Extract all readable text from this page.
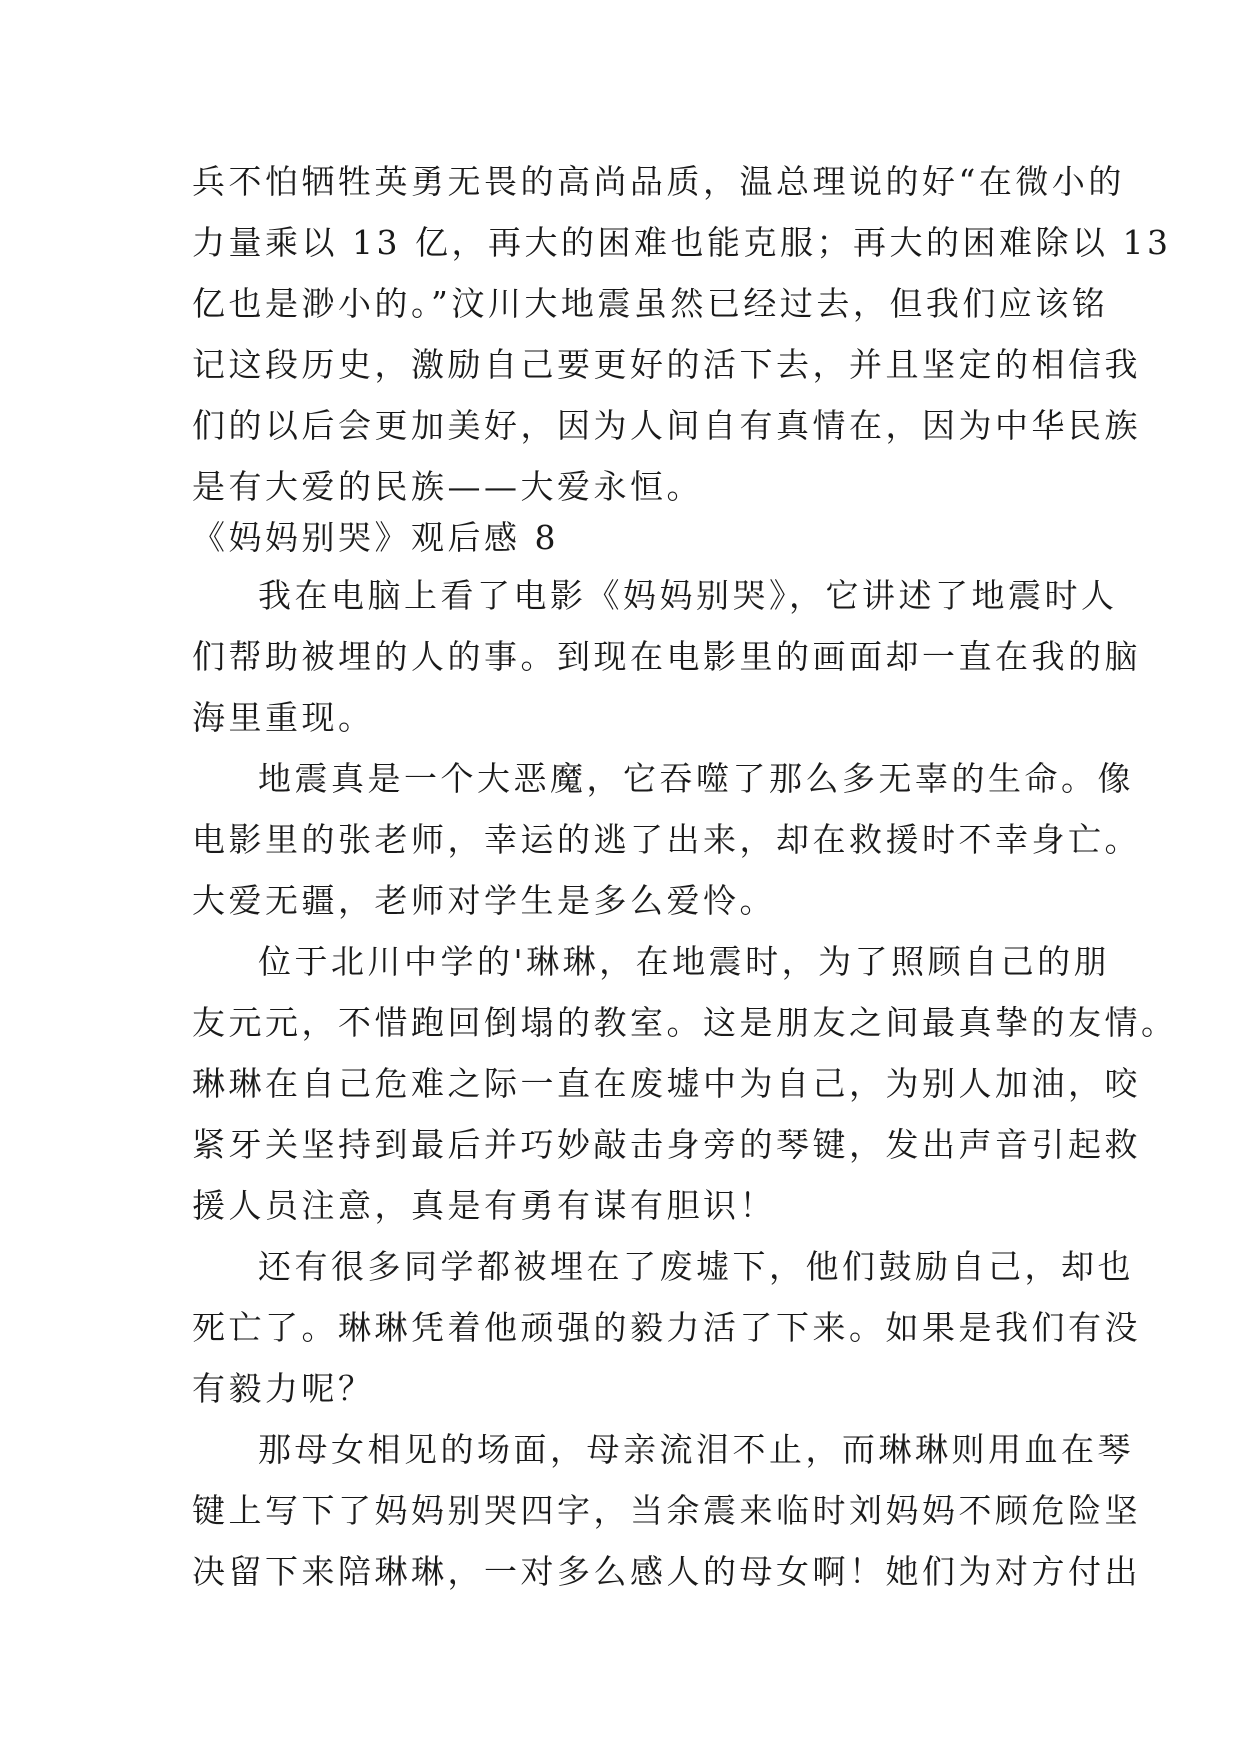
兵不怕牺牲英勇无畏的高尚品质，温总理说的好“在微小的
力量乘以 13 亿，再大的困难也能克服；再大的困难除以 13
亿也是渺小的。”汶川大地震虽然已经过去，但我们应该铭
记这段历史，激励自己要更好的活下去，并且坚定的相信我
们的以后会更加美好，因为人间自有真情在，因为中华民族
是有大爱的民族——大爱永恒。
《妈妈别哭》观后感 8
我在电脑上看了电影《妈妈别哭》，它讲述了地震时人
们帮助被埋的人的事。到现在电影里的画面却一直在我的脑
海里重现。
地震真是一个大恶魔，它吞噬了那么多无辜的生命。像
电影里的张老师，幸运的逃了出来，却在救援时不幸身亡。
大爱无疆，老师对学生是多么爱怜。
位于北川中学的'琳琳，在地震时，为了照顾自己的朋
友元元，不惜跑回倒塌的教室。这是朋友之间最真挚的友情。
琳琳在自己危难之际一直在废墟中为自己，为别人加油，咬
紧牙关坚持到最后并巧妙敲击身旁的琴键，发出声音引起救
援人员注意，真是有勇有谋有胆识！
还有很多同学都被埋在了废墟下，他们鼓励自己，却也
死亡了。琳琳凭着他顽强的毅力活了下来。如果是我们有没
有毅力呢？
那母女相见的场面，母亲流泪不止，而琳琳则用血在琴
键上写下了妈妈别哭四字，当余震来临时刘妈妈不顾危险坚
决留下来陪琳琳，一对多么感人的母女啊！她们为对方付出
